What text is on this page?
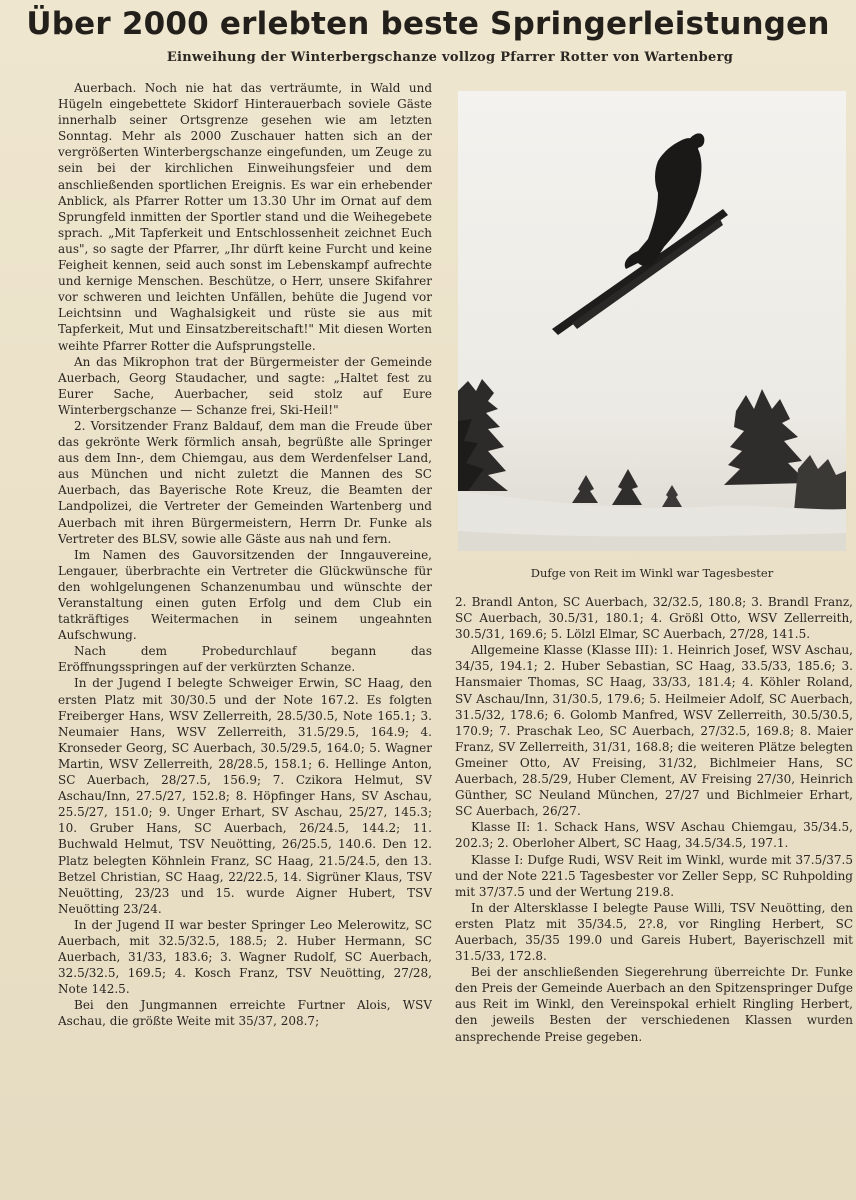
Über 2000 erlebten beste Springerleistungen
Einweihung der Winterbergschanze vollzog Pfarrer Rotter von Wartenberg

Auerbach. Noch nie hat das verträumte, in Wald und Hügeln eingebettete Skidorf Hinterauerbach soviele Gäste innerhalb seiner Ortsgrenze gesehen wie am letzten Sonntag. Mehr als 2000 Zuschauer hatten sich an der vergrößerten Winterbergschanze eingefunden, um Zeuge zu sein bei der kirchlichen Einweihungsfeier und dem anschließenden sportlichen Ereignis. Es war ein erhebender Anblick, als Pfarrer Rotter um 13.30 Uhr im Ornat auf dem Sprungfeld inmitten der Sportler stand und die Weihegebete sprach. „Mit Tapferkeit und Entschlossenheit zeichnet Euch aus", so sagte der Pfarrer, „Ihr dürft keine Furcht und keine Feigheit kennen, seid auch sonst im Lebenskampf aufrechte und kernige Menschen. Beschütze, o Herr, unsere Skifahrer vor schweren und leichten Unfällen, behüte die Jugend vor Leichtsinn und Waghalsigkeit und rüste sie aus mit Tapferkeit, Mut und Einsatzbereitschaft!" Mit diesen Worten weihte Pfarrer Rotter die Aufsprungstelle.

An das Mikrophon trat der Bürgermeister der Gemeinde Auerbach, Georg Staudacher, und sagte: „Haltet fest zu Eurer Sache, Auerbacher, seid stolz auf Eure Winterbergschanze — Schanze frei, Ski-Heil!"

2. Vorsitzender Franz Baldauf, dem man die Freude über das gekrönte Werk förmlich ansah, begrüßte alle Springer aus dem Inn-, dem Chiemgau, aus dem Werdenfelser Land, aus München und nicht zuletzt die Mannen des SC Auerbach, das Bayerische Rote Kreuz, die Beamten der Landpolizei, die Vertreter der Gemeinden Wartenberg und Auerbach mit ihren Bürgermeistern, Herrn Dr. Funke als Vertreter des BLSV, sowie alle Gäste aus nah und fern.

Im Namen des Gauvorsitzenden der Inngauvereine, Lengauer, überbrachte ein Vertreter die Glückwünsche für den wohlgelungenen Schanzenumbau und wünschte der Veranstaltung einen guten Erfolg und dem Club ein tatkräftiges Weitermachen in seinem ungeahnten Aufschwung.

Nach dem Probedurchlauf begann das Eröffnungsspringen auf der verkürzten Schanze.

In der Jugend I belegte Schweiger Erwin, SC Haag, den ersten Platz mit 30/30.5 und der Note 167.2. Es folgten Freiberger Hans, WSV Zellerreith, 28.5/30.5, Note 165.1; 3. Neumaier Hans, WSV Zellerreith, 31.5/29.5, 164.9; 4. Kronseder Georg, SC Auerbach, 30.5/29.5, 164.0; 5. Wagner Martin, WSV Zellerreith, 28/28.5, 158.1; 6. Hellinge Anton, SC Auerbach, 28/27.5, 156.9; 7. Czikora Helmut, SV Aschau/Inn, 27.5/27, 152.8; 8. Höpfinger Hans, SV Aschau, 25.5/27, 151.0; 9. Unger Erhart, SV Aschau, 25/27, 145.3; 10. Gruber Hans, SC Auerbach, 26/24.5, 144.2; 11. Buchwald Helmut, TSV Neuötting, 26/25.5, 140.6. Den 12. Platz belegten Köhnlein Franz, SC Haag, 21.5/24.5, den 13. Betzel Christian, SC Haag, 22/22.5, 14. Sigrüner Klaus, TSV Neuötting, 23/23 und 15. wurde Aigner Hubert, TSV Neuötting 23/24.

In der Jugend II war bester Springer Leo Melerowitz, SC Auerbach, mit 32.5/32.5, 188.5; 2. Huber Hermann, SC Auerbach, 31/33, 183.6; 3. Wagner Rudolf, SC Auerbach, 32.5/32.5, 169.5; 4. Kosch Franz, TSV Neuötting, 27/28, Note 142.5.

Bei den Jungmannen erreichte Furtner Alois, WSV Aschau, die größte Weite mit 35/37, 208.7;

Dufge von Reit im Winkl war Tagesbester

2. Brandl Anton, SC Auerbach, 32/32.5, 180.8; 3. Brandl Franz, SC Auerbach, 30.5/31, 180.1; 4. Größl Otto, WSV Zellerreith, 30.5/31, 169.6; 5. Lölzl Elmar, SC Auerbach, 27/28, 141.5.

Allgemeine Klasse (Klasse III): 1. Heinrich Josef, WSV Aschau, 34/35, 194.1; 2. Huber Sebastian, SC Haag, 33.5/33, 185.6; 3. Hansmaier Thomas, SC Haag, 33/33, 181.4; 4. Köhler Roland, SV Aschau/Inn, 31/30.5, 179.6; 5. Heilmeier Adolf, SC Auerbach, 31.5/32, 178.6; 6. Golomb Manfred, WSV Zellerreith, 30.5/30.5, 170.9; 7. Praschak Leo, SC Auerbach, 27/32.5, 169.8; 8. Maier Franz, SV Zellerreith, 31/31, 168.8; die weiteren Plätze belegten Gmeiner Otto, AV Freising, 31/32, Bichlmeier Hans, SC Auerbach, 28.5/29, Huber Clement, AV Freising 27/30, Heinrich Günther, SC Neuland München, 27/27 und Bichlmeier Erhart, SC Auerbach, 26/27.

Klasse II: 1. Schack Hans, WSV Aschau Chiemgau, 35/34.5, 202.3; 2. Oberloher Albert, SC Haag, 34.5/34.5, 197.1.

Klasse I: Dufge Rudi, WSV Reit im Winkl, wurde mit 37.5/37.5 und der Note 221.5 Tagesbester vor Zeller Sepp, SC Ruhpolding mit 37/37.5 und der Wertung 219.8.

In der Altersklasse I belegte Pause Willi, TSV Neuötting, den ersten Platz mit 35/34.5, 2?.8, vor Ringling Herbert, SC Auerbach, 35/35 199.0 und Gareis Hubert, Bayerischzell mit 31.5/33, 172.8.

Bei der anschließenden Siegerehrung überreichte Dr. Funke den Preis der Gemeinde Auerbach an den Spitzenspringer Dufge aus Reit im Winkl, den Vereinspokal erhielt Ringling Herbert, den jeweils Besten der verschiedenen Klassen wurden ansprechende Preise gegeben.
